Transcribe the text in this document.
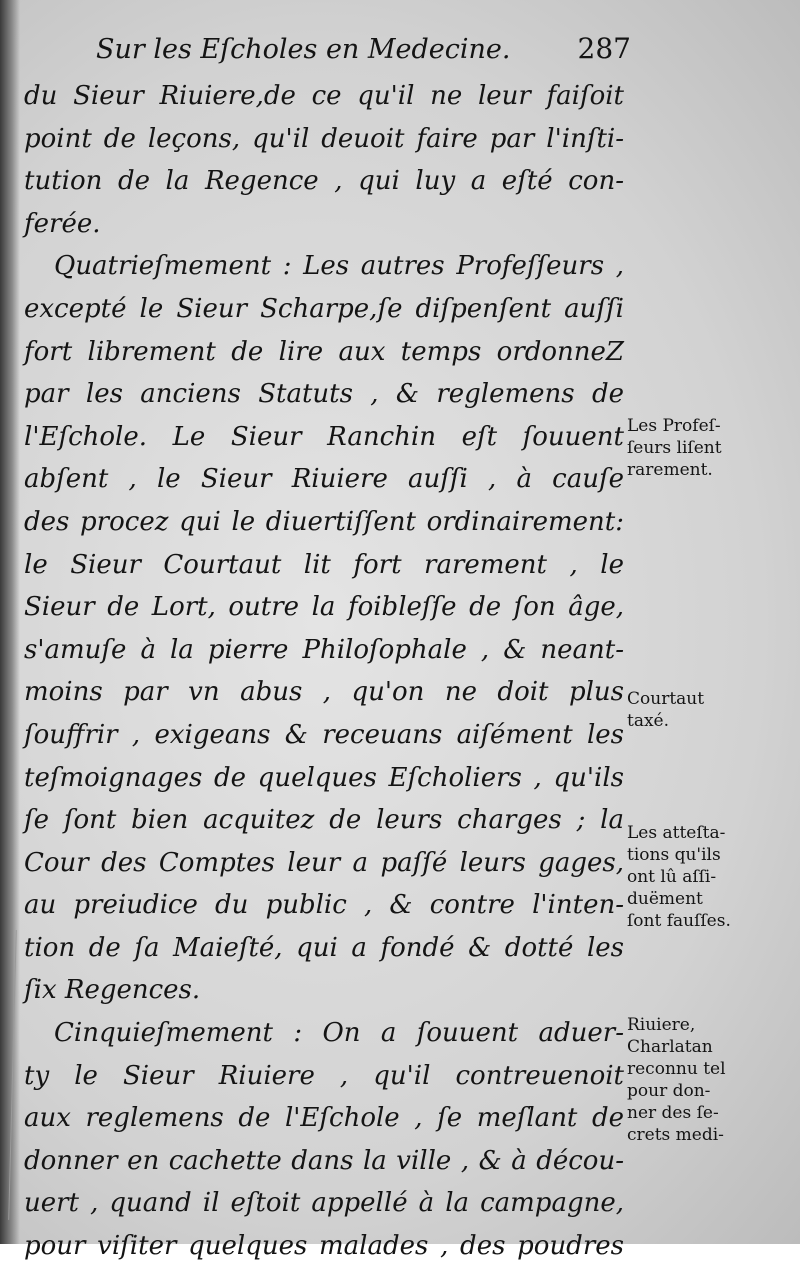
Sur les Eſcholes en Medecine. 287
du Sieur Riuiere,de ce qu'il ne leur faiſoit
point de leçons, qu'il deuoit faire par l'inſti-
tution de la Regence , qui luy a eſté con-
ferée.
Quatrieſmement : Les autres Profeſſeurs ,
excepté le Sieur Scharpe,ſe diſpenſent auſſi
fort librement de lire aux temps ordonneZ
par les anciens Statuts , & reglemens de
l'Eſchole. Le Sieur Ranchin eſt ſouuent
abſent , le Sieur Riuiere auſſi , à cauſe
des procez qui le diuertiſſent ordinairement:
le Sieur Courtaut lit fort rarement , le
Sieur de Lort, outre la foibleſſe de ſon âge,
s'amuſe à la pierre Philoſophale , & neant-
moins par vn abus , qu'on ne doit plus
ſouffrir , exigeans & receuans aiſément les
teſmoignages de quelques Eſcholiers , qu'ils
ſe ſont bien acquitez de leurs charges ; la
Cour des Comptes leur a paſſé leurs gages,
au preiudice du public , & contre l'inten-
tion de ſa Maieſté, qui a fondé & dotté les
ſix Regences.
Cinquieſmement : On a ſouuent aduer-
ty le Sieur Riuiere , qu'il contreuenoit
aux reglemens de l'Eſchole , ſe meſlant de
donner en cachette dans la ville , & à décou-
uert , quand il eſtoit appellé à la campagne,
pour viſiter quelques malades , des poudres
Les Profeſ-
ſeurs liſent
rarement.
Courtaut
taxé.
Les atteſta-
tions qu'ils
ont lû aſſi-
duëment
ſont fauſſes.
Riuiere,
Charlatan
reconnu tel
pour don-
ner des ſe-
crets medi-
